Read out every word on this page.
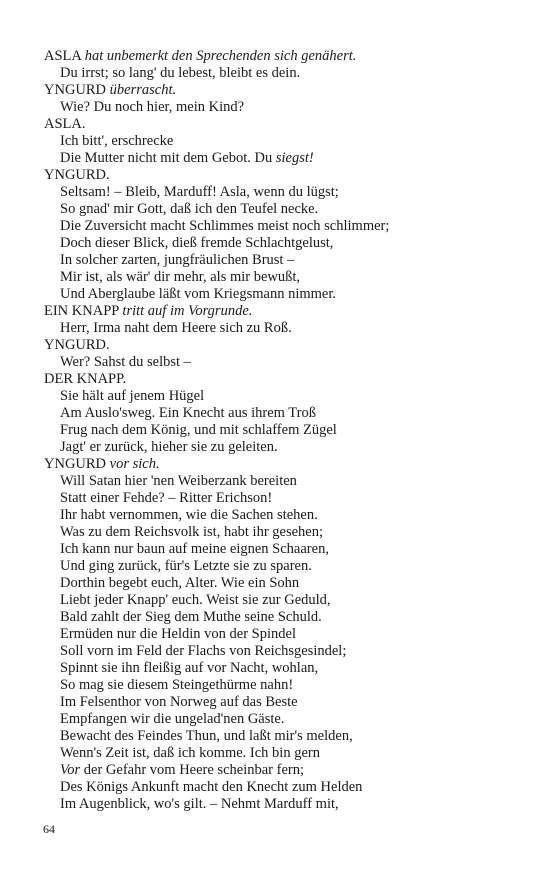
ASLA hat unbemerkt den Sprechenden sich genähert.
Du irrst; so lang' du lebest, bleibt es dein.
YNGURD überrascht.
Wie? Du noch hier, mein Kind?
ASLA.
Ich bitt', erschrecke
Die Mutter nicht mit dem Gebot. Du siegst!
YNGURD.
Seltsam! – Bleib, Marduff! Asla, wenn du lügst;
So gnad' mir Gott, daß ich den Teufel necke.
Die Zuversicht macht Schlimmes meist noch schlimmer;
Doch dieser Blick, dieß fremde Schlachtgelust,
In solcher zarten, jungfräulichen Brust –
Mir ist, als wär' dir mehr, als mir bewußt,
Und Aberglaube läßt vom Kriegsmann nimmer.
EIN KNAPP tritt auf im Vorgrunde.
Herr, Irma naht dem Heere sich zu Roß.
YNGURD.
Wer? Sahst du selbst –
DER KNAPP.
Sie hält auf jenem Hügel
Am Auslo'sweg. Ein Knecht aus ihrem Troß
Frug nach dem König, und mit schlaffem Zügel
Jagt' er zurück, hieher sie zu geleiten.
YNGURD vor sich.
Will Satan hier 'nen Weiberzank bereiten
Statt einer Fehde? – Ritter Erichson!
Ihr habt vernommen, wie die Sachen stehen.
Was zu dem Reichsvolk ist, habt ihr gesehen;
Ich kann nur baun auf meine eignen Schaaren,
Und ging zurück, für's Letzte sie zu sparen.
Dorthin begebt euch, Alter. Wie ein Sohn
Liebt jeder Knapp' euch. Weist sie zur Geduld,
Bald zahlt der Sieg dem Muthe seine Schuld.
Ermüden nur die Heldin von der Spindel
Soll vorn im Feld der Flachs von Reichsgesindel;
Spinnt sie ihn fleißig auf vor Nacht, wohlan,
So mag sie diesem Steingethürme nahn!
Im Felsenthor von Norweg auf das Beste
Empfangen wir die ungelad'nen Gäste.
Bewacht des Feindes Thun, und laßt mir's melden,
Wenn's Zeit ist, daß ich komme. Ich bin gern
Vor der Gefahr vom Heere scheinbar fern;
Des Königs Ankunft macht den Knecht zum Helden
Im Augenblick, wo's gilt. – Nehmt Marduff mit,
64
